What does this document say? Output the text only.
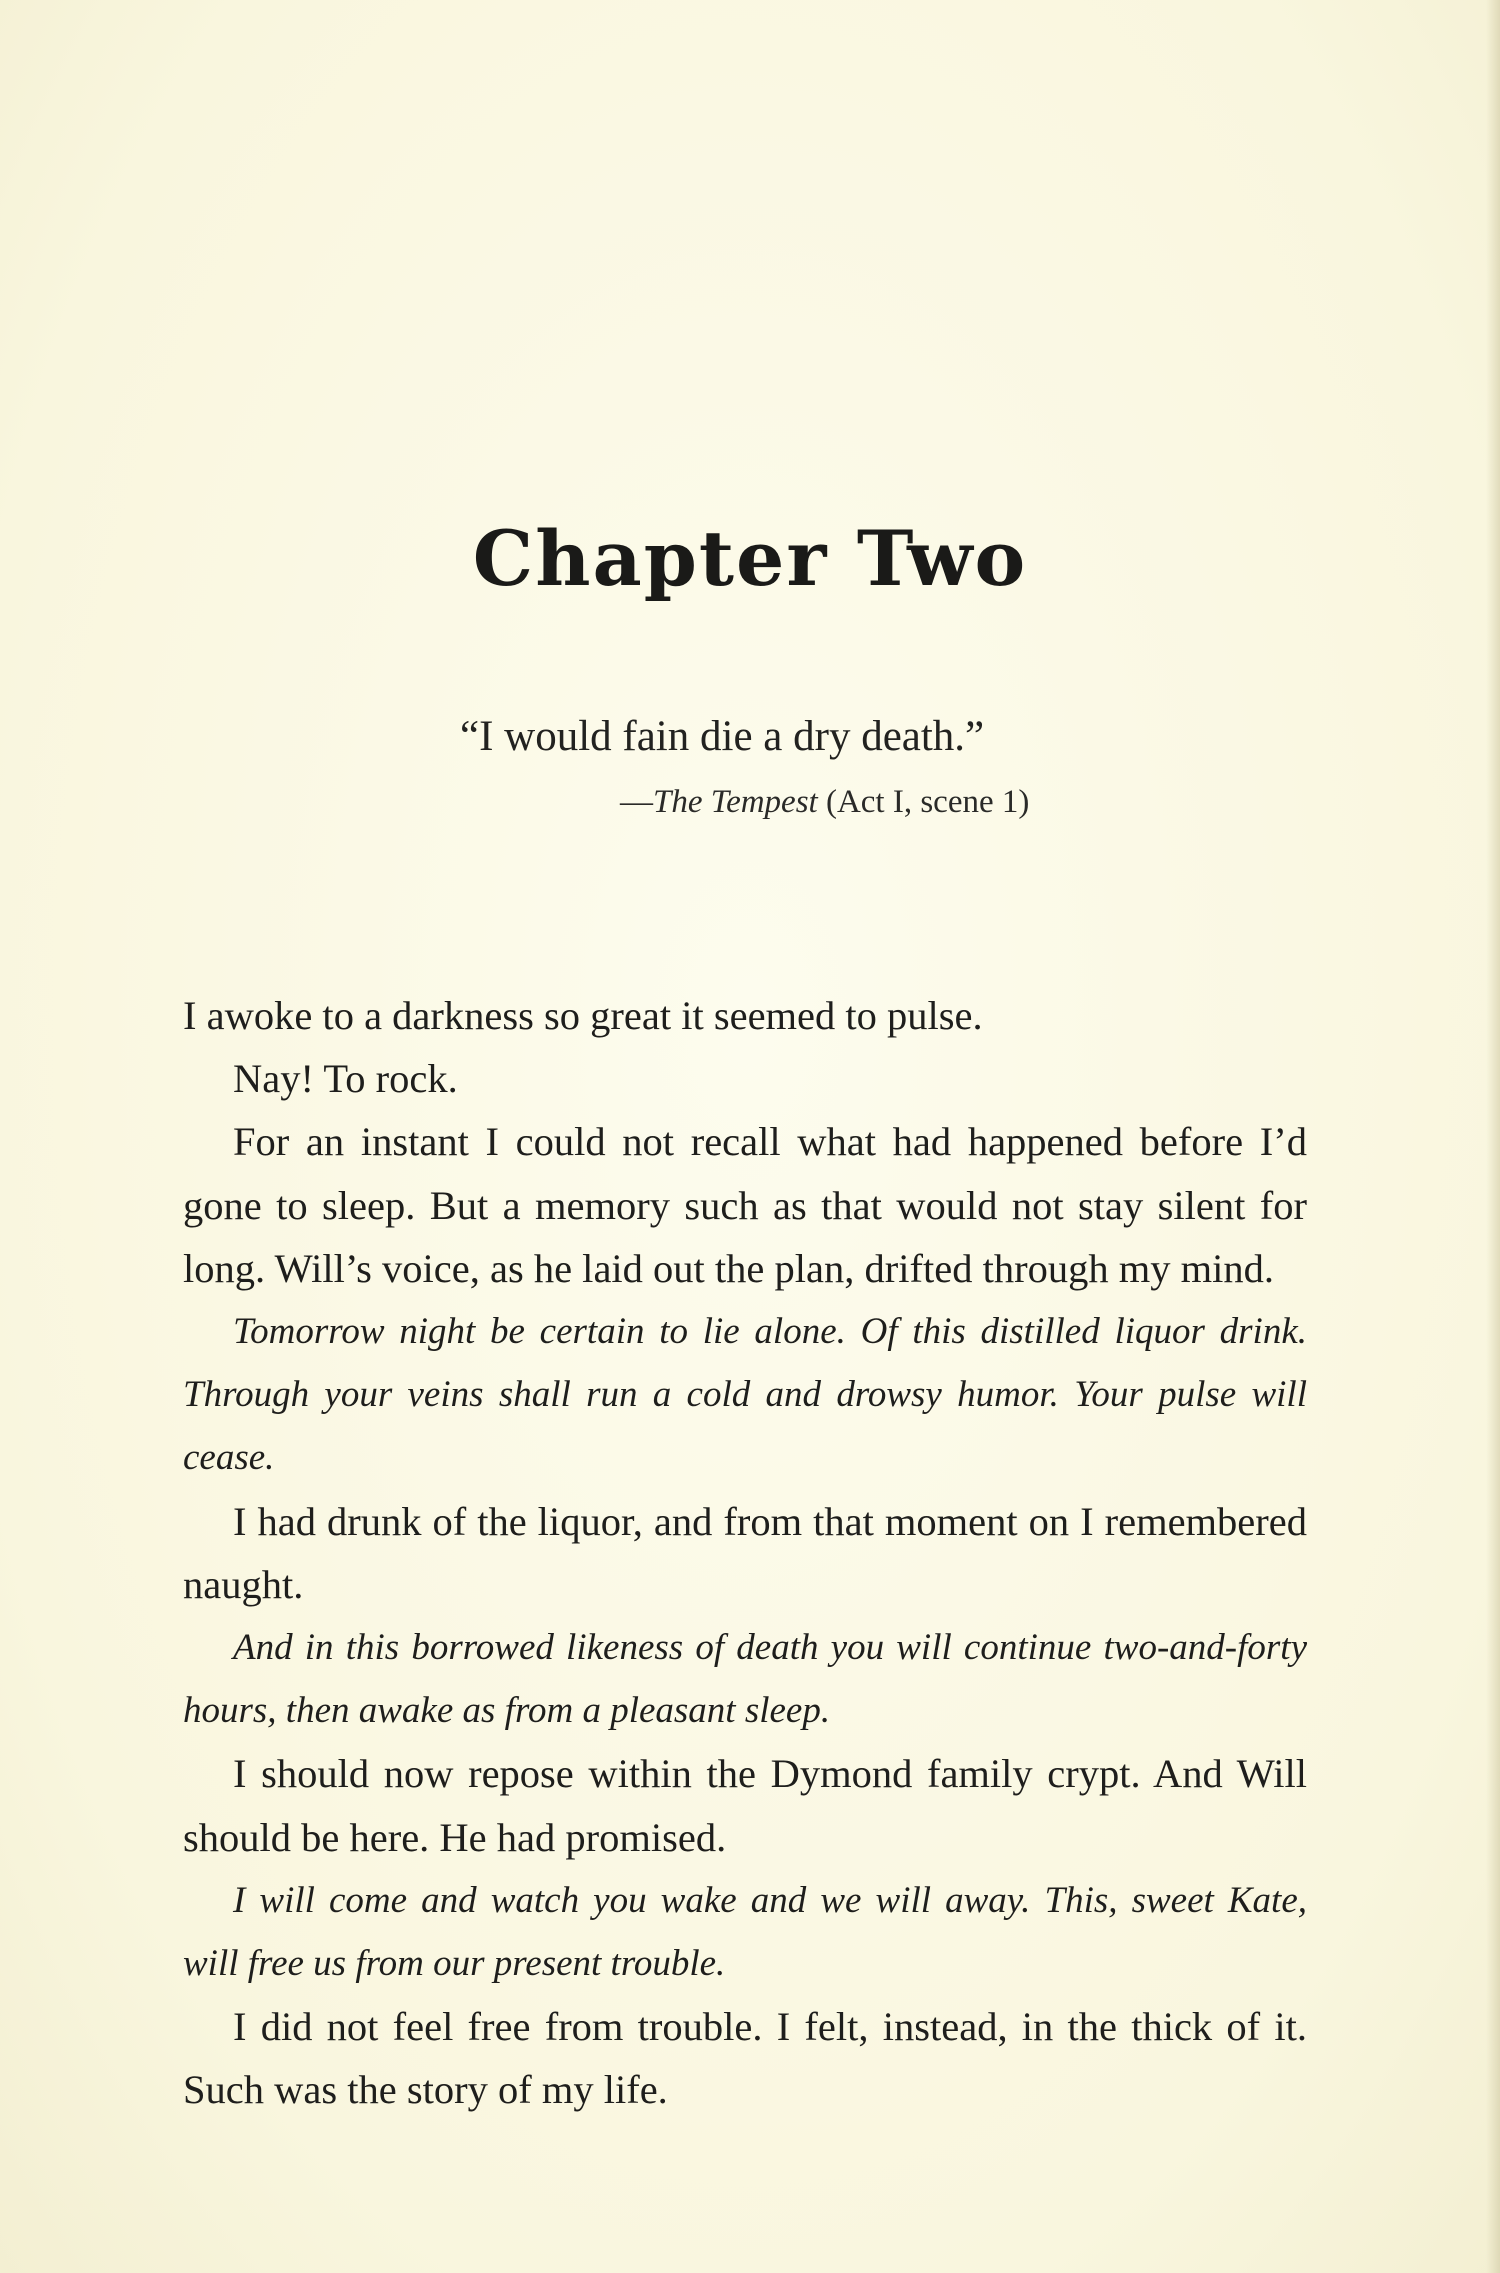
Chapter Two
“I would fain die a dry death.”
—The Tempest (Act I, scene 1)

I awoke to a darkness so great it seemed to pulse.

Nay! To rock.

For an instant I could not recall what had happened before I’d gone to sleep. But a memory such as that would not stay silent for long. Will’s voice, as he laid out the plan, drifted through my mind.

Tomorrow night be certain to lie alone. Of this distilled liquor drink. Through your veins shall run a cold and drowsy humor. Your pulse will cease.

I had drunk of the liquor, and from that moment on I remembered naught.

And in this borrowed likeness of death you will continue two-and-forty hours, then awake as from a pleasant sleep.

I should now repose within the Dymond family crypt. And Will should be here. He had promised.

I will come and watch you wake and we will away. This, sweet Kate, will free us from our present trouble.

I did not feel free from trouble. I felt, instead, in the thick of it. Such was the story of my life.
